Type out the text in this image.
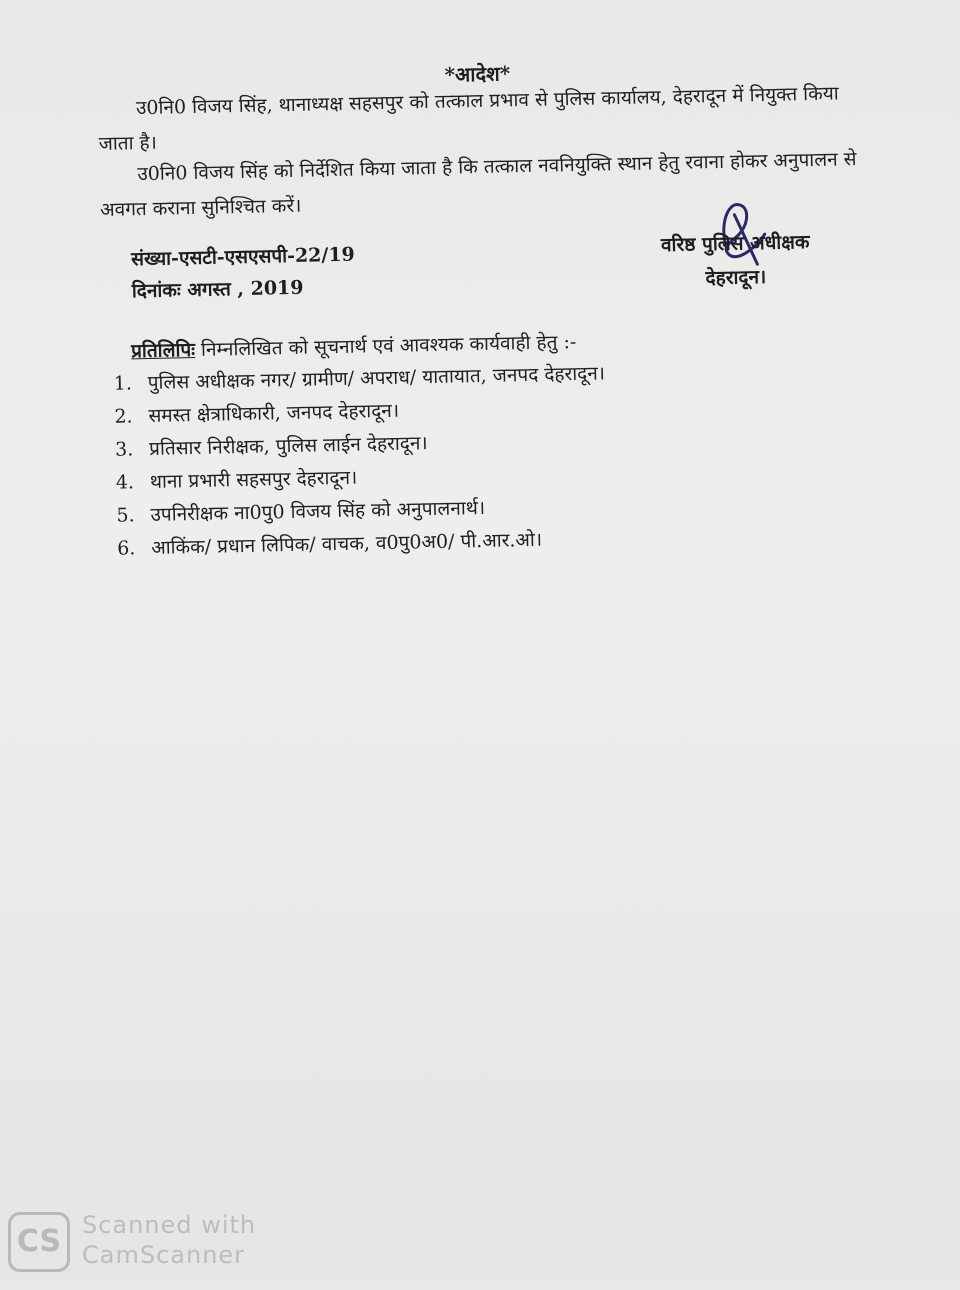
*आदेश*
उ0नि0 विजय सिंह, थानाध्यक्ष सहसपुर को तत्काल प्रभाव से पुलिस कार्यालय, देहरादून में नियुक्त किया जाता है।
उ0नि0 विजय सिंह को निर्देशित किया जाता है कि तत्काल नवनियुक्ति स्थान हेतु रवाना होकर अनुपालन से अवगत कराना सुनिश्चित करें।
संख्या-एसटी-एसएसपी-22/19
दिनांकः अगस्त , 2019
वरिष्ठ पुलिस अधीक्षक
देहरादून।
प्रतिलिपिः निम्नलिखित को सूचनार्थ एवं आवश्यक कार्यवाही हेतु :-
1. पुलिस अधीक्षक नगर/ ग्रामीण/ अपराध/ यातायात, जनपद देहरादून।
2. समस्त क्षेत्राधिकारी, जनपद देहरादून।
3. प्रतिसार निरीक्षक, पुलिस लाईन देहरादून।
4. थाना प्रभारी सहसपुर देहरादून।
5. उपनिरीक्षक ना0पु0 विजय सिंह को अनुपालनार्थ।
6. आकिंक/ प्रधान लिपिक/ वाचक, व0पु0अ0/ पी.आर.ओ।
CS Scanned with
CamScanner
